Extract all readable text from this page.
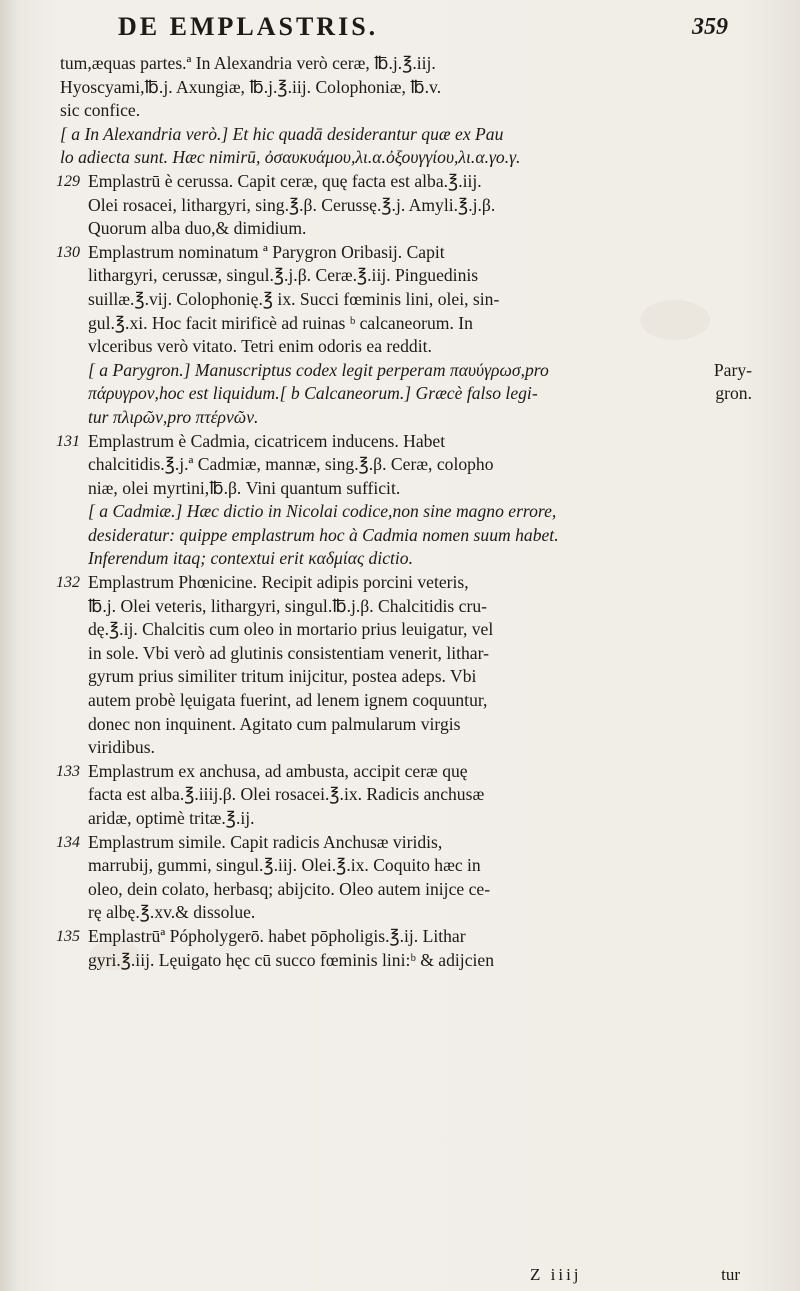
DE EMPLASTRIS.	359
tum,æquas partes.ª In Alexandria verò ceræ, ℔.j.℥.iij.
Hyoscyami,℔.j. Axungiæ, ℔.j.℥.iij. Colophoniæ, ℔.v.
sic confice.
[ a In Alexandria verò.] Et hic quadā desiderantur quæ ex Pau
lo adiecta sunt. Hæc nimirū, ὀσαυκυάμου,λι.α.ὀξουγγίου,λι.α.γο.γ.
129 Emplastrū è cerussa. Capit ceræ, quę facta est alba.℥.iij.
Olei rosacei, lithargyri, sing.℥.β. Cerussę.℥.j. Amyli.℥.j.β.
Quorum alba duo,& dimidium.
130 Emplastrum nominatum ª Parygron Oribasij. Capit
lithargyri, cerussæ, singul.℥.j.β. Ceræ.℥.iij. Pinguedinis
suillæ.℥.vij. Colophonię.℥ ix. Succi fœminis lini, olei, sin-
gul.℥.xi. Hoc facit mirificè ad ruinas ᵇ calcaneorum. In
vlceribus verò vitato. Tetri enim odoris ea reddit.
[ a Parygron.] Manuscriptus codex legit perperam παυύγρωσ,pro
πάρυγρον,hoc est liquidum.[ b Calcaneorum.] Græcè falso legi-
tur πλιρῶν,pro πτέρνῶν.
Pary-
gron.
131 Emplastrum è Cadmia, cicatricem inducens. Habet
chalcitidis.℥.j.ª Cadmiæ, mannæ, sing.℥.β. Ceræ, colopho
niæ, olei myrtini,℔.β. Vini quantum sufficit.
[ a Cadmiæ.] Hæc dictio in Nicolai codice,non sine magno errore,
desideratur: quippe emplastrum hoc à Cadmia nomen suum habet.
Inferendum itaq; contextui erit καδμίας dictio.
132 Emplastrum Phœnicine. Recipit adipis porcini veteris,
℔.j. Olei veteris, lithargyri, singul.℔.j.β. Chalcitidis cru-
dę.℥.ij. Chalcitis cum oleo in mortario prius leuigatur, vel
in sole. Vbi verò ad glutinis consistentiam venerit, lithar-
gyrum prius similiter tritum inijcitur, postea adeps. Vbi
autem probè lęuigata fuerint, ad lenem ignem coquuntur,
donec non inquinent. Agitato cum palmularum virgis
viridibus.
133 Emplastrum ex anchusa, ad ambusta, accipit ceræ quę
facta est alba.℥.iiij.β. Olei rosacei.℥.ix. Radicis anchusæ
aridæ, optimè tritæ.℥.ij.
134 Emplastrum simile. Capit radicis Anchusæ viridis,
marrubij, gummi, singul.℥.iij. Olei.℥.ix. Coquito hæc in
oleo, dein colato, herbasq; abijcito. Oleo autem inijce ce-
rę albę.℥.xv.& dissolue.
135 Emplastrūª Pópholygerō. habet pōpholigis.℥.ij. Lithar
gyri.℥.iij. Lęuigato hęc cū succo fœminis lini:ᵇ & adijcien
Z iiij	tur
